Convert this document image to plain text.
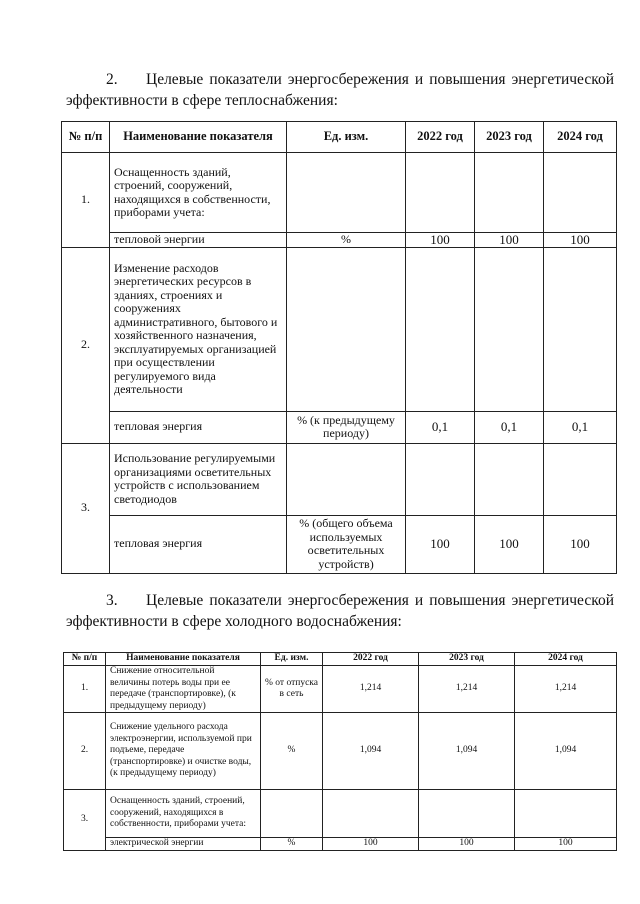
2. Целевые показатели энергосбережения и повышения энергетической эффективности в сфере теплоснабжения:
№ п/п	Наименование показателя	Ед. изм.	2022 год	2023 год	2024 год
1.	Оснащенность зданий, строений, сооружений, находящихся в собственности, приборами учета:				
	тепловой энергии	%	100	100	100
2.	Изменение расходов энергетических ресурсов в зданиях, строениях и сооружениях административного, бытового и хозяйственного назначения, эксплуатируемых организацией при осуществлении регулируемого вида деятельности				
	тепловая энергия	% (к предыдущему периоду)	0,1	0,1	0,1
3.	Использование регулируемыми организациями осветительных устройств с использованием светодиодов				
	тепловая энергия	% (общего объема используемых осветительных устройств)	100	100	100
3. Целевые показатели энергосбережения и повышения энергетической эффективности в сфере холодного водоснабжения:
№ п/п	Наименование показателя	Ед. изм.	2022 год	2023 год	2024 год
1.	Снижение относительной величины потерь воды при ее передаче (транспортировке), (к предыдущему периоду)	% от отпуска в сеть	1,214	1,214	1,214
2.	Снижение удельного расхода электроэнергии, используемой при подъеме, передаче (транспортировке) и очистке воды, (к предыдущему периоду)	%	1,094	1,094	1,094
3.	Оснащенность зданий, строений, сооружений, находящихся в собственности, приборами учета:				
	электрической энергии	%	100	100	100
